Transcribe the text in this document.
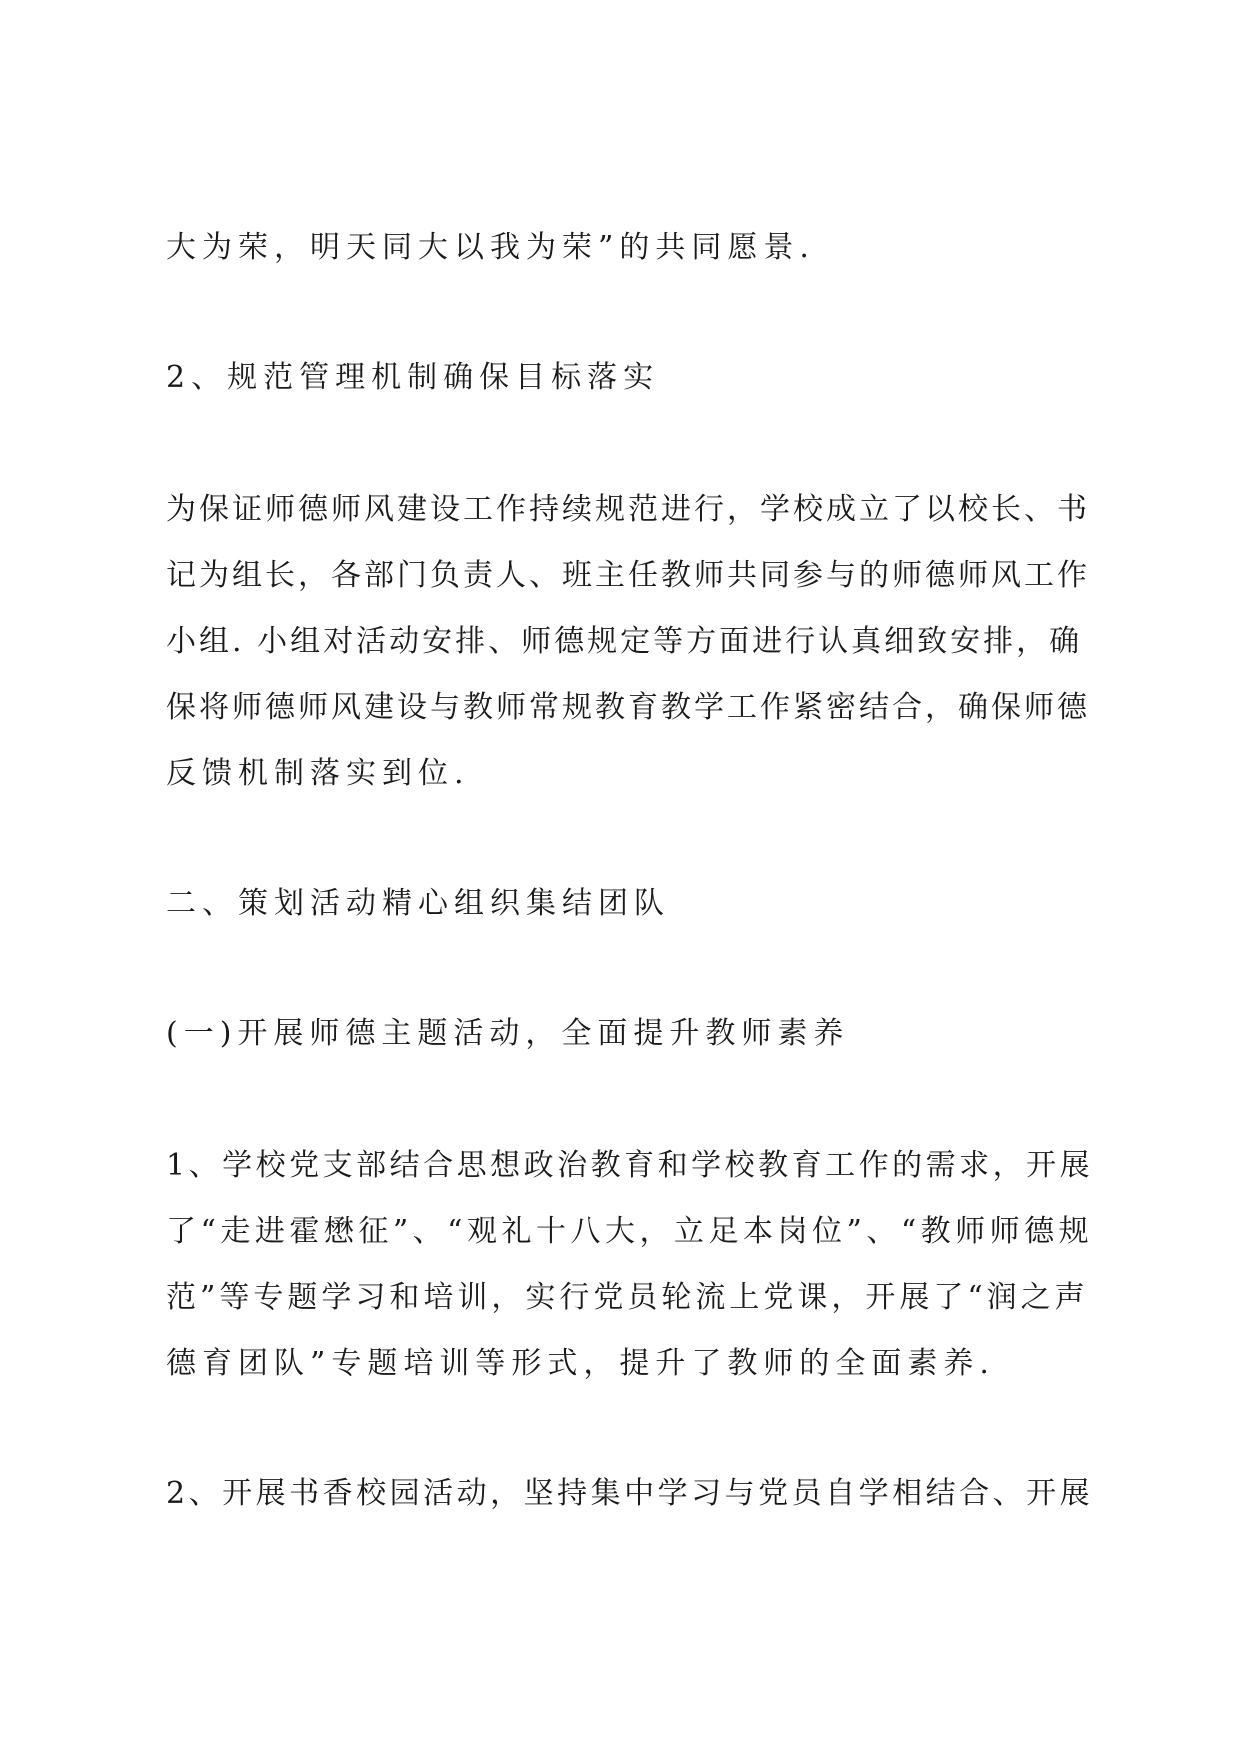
大为荣，明天同大以我为荣”的共同愿景.
2、规范管理机制确保目标落实
为保证师德师风建设工作持续规范进行，学校成立了以校长、书
记为组长，各部门负责人、班主任教师共同参与的师德师风工作
小组. 小组对活动安排、师德规定等方面进行认真细致安排，确
保将师德师风建设与教师常规教育教学工作紧密结合，确保师德
反馈机制落实到位.
二、策划活动精心组织集结团队
(一)开展师德主题活动，全面提升教师素养
1、学校党支部结合思想政治教育和学校教育工作的需求，开展
了“走进霍懋征”、“观礼十八大，立足本岗位”、“教师师德规
范”等专题学习和培训，实行党员轮流上党课，开展了“润之声
德育团队”专题培训等形式，提升了教师的全面素养.
2、开展书香校园活动，坚持集中学习与党员自学相结合、开展
